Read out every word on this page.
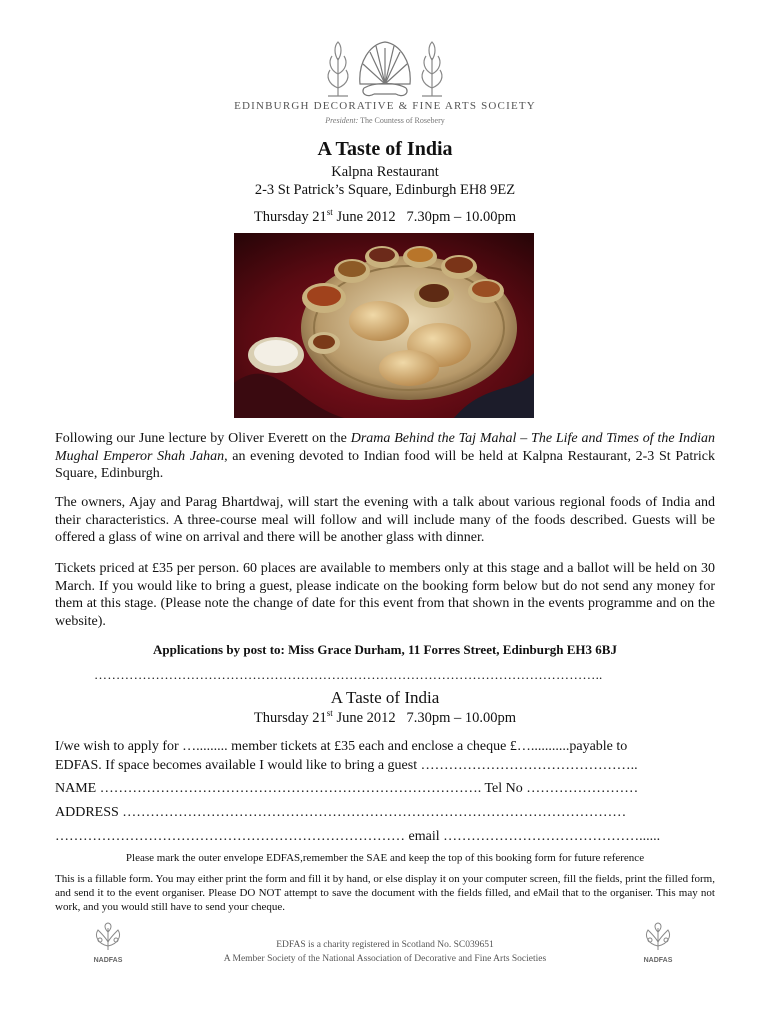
EDINBURGH DECORATIVE & FINE ARTS SOCIETY
President: The Countess of Rosebery
A Taste of India
Kalpna Restaurant
2-3 St Patrick’s Square, Edinburgh EH8 9EZ
Thursday 21st June 2012   7.30pm – 10.00pm
Following our June lecture by Oliver Everett on the Drama Behind the Taj Mahal – The Life and Times of the Indian Mughal Emperor Shah Jahan, an evening devoted to Indian food will be held at Kalpna Restaurant, 2-3 St Patrick Square, Edinburgh.
The owners, Ajay and Parag Bhartdwaj, will start the evening with a talk about various regional foods of India and their characteristics. A three-course meal will follow and will include many of the foods described. Guests will be offered a glass of wine on arrival and there will be another glass with dinner.
Tickets priced at £35 per person. 60 places are available to members only at this stage and a ballot will be held on 30 March. If you would like to bring a guest, please indicate on the booking form below but do not send any money for them at this stage. (Please note the change of date for this event from that shown in the events programme and on the website).
Applications by post to: Miss Grace Durham, 11 Forres Street, Edinburgh EH3 6BJ
……………………………………………………………………………………………………..
A Taste of India
Thursday 21st June 2012   7.30pm – 10.00pm
I/we wish to apply for …......... member tickets at £35 each and enclose a cheque £…...........payable to
EDFAS. If space becomes available I would like to bring a guest ………………………………………..
NAME ………………………………………………………………………. Tel No ……………………
ADDRESS ………………………………………………………………………………………………
………………………………………………………………… email ……………………………………......
Please mark the outer envelope EDFAS,remember the SAE and keep the top of this booking form for future reference
This is a fillable form. You may either print the form and fill it by hand, or else display it on your computer screen, fill the fields, print the filled form, and send it to the event organiser. Please DO NOT attempt to save the document with the fields filled, and eMail that to the organiser. This may not work, and you would still have to send your cheque.
NADFAS	NADFAS
EDFAS is a charity registered in Scotland No. SC039651
A Member Society of the National Association of Decorative and Fine Arts Societies
